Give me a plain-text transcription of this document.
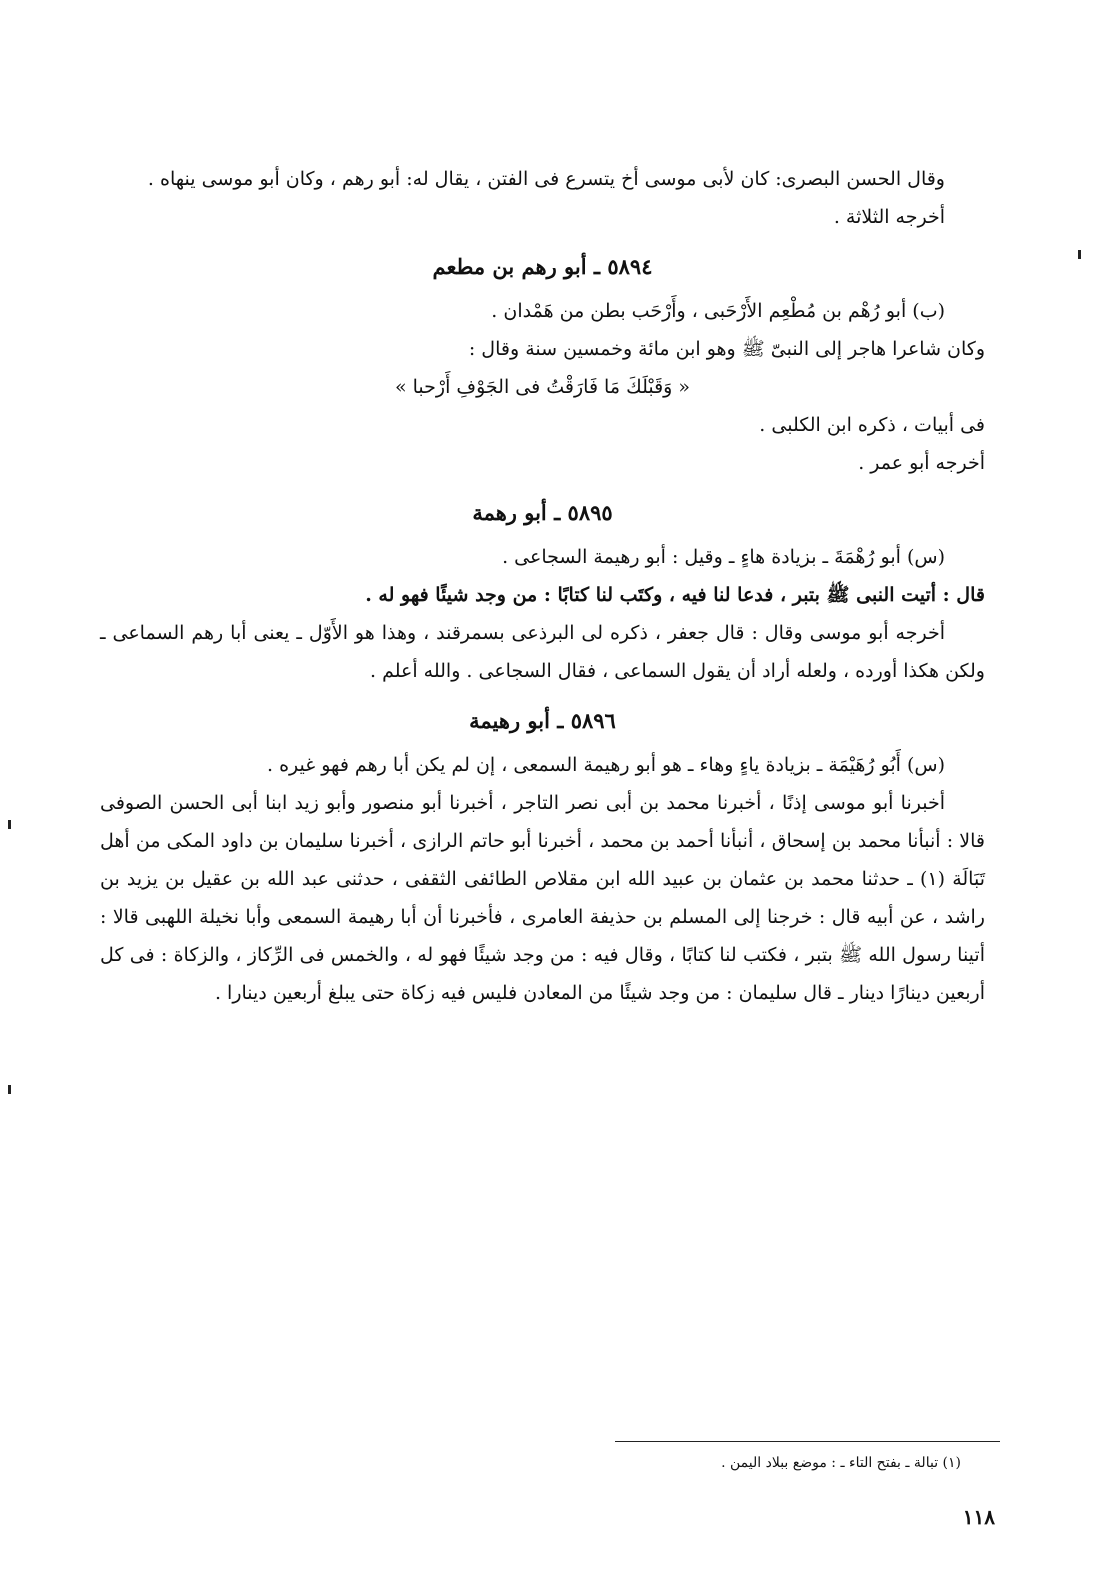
وقال الحسن البصرى: كان لأبى موسى أخ يتسرع فى الفتن ، يقال له: أبو رهم ، وكان أبو موسى ينهاه .

أخرجه الثلاثة .

٥٨٩٤ ـ أبو رهم بن مطعم

(ب) أبو رُهْم بن مُطْعِم الأَرْحَبى ، وأَرْحَب بطن من هَمْدان .

وكان شاعرا هاجر إلى النبىّ ﷺ وهو ابن مائة وخمسين سنة وقال :

« وَقَبْلَكَ مَا فَارَقْتُ فى الجَوْفِ أَرْحبا »

فى أبيات ، ذكره ابن الكلبى .

أخرجه أبو عمر .

٥٨٩٥ ـ أبو رهمة

(س) أبو رُهْمَةَ ـ بزيادة هاءٍ ـ وقيل : أبو رهيمة السجاعى .

قال : أتيت النبى ﷺ بتبر ، فدعا لنا فيه ، وكتَب لنا كتابًا : من وجد شيئًا فهو له .

أخرجه أبو موسى وقال : قال جعفر ، ذكره لى البرذعى بسمرقند ، وهذا هو الأَوّل ـ يعنى أبا رهم السماعى ـ ولكن هكذا أورده ، ولعله أراد أن يقول السماعى ، فقال السجاعى . والله أعلم .

٥٨٩٦ ـ أبو رهيمة

(س) أَبُو رُهَيْمَة ـ بزيادة ياءٍ وهاء ـ هو أبو رهيمة السمعى ، إن لم يكن أبا رهم فهو غيره .

أخبرنا أبو موسى إذنًا ، أخبرنا محمد بن أبى نصر التاجر ، أخبرنا أبو منصور وأبو زيد ابنا أبى الحسن الصوفى قالا : أنبأنا محمد بن إسحاق ، أنبأنا أحمد بن محمد ، أخبرنا أبو حاتم الرازى ، أخبرنا سليمان بن داود المكى من أهل تَبَالَة (١) ـ حدثنا محمد بن عثمان بن عبيد الله ابن مقلاص الطائفى الثقفى ، حدثنى عبد الله بن عقيل بن يزيد بن راشد ، عن أبيه قال : خرجنا إلى المسلم بن حذيفة العامرى ، فأخبرنا أن أبا رهيمة السمعى وأبا نخيلة اللهبى قالا : أتينا رسول الله ﷺ بتبر ، فكتب لنا كتابًا ، وقال فيه : من وجد شيئًا فهو له ، والخمس فى الرِّكاز ، والزكاة : فى كل أربعين دينارًا دينار ـ قال سليمان : من وجد شيئًا من المعادن فليس فيه زكاة حتى يبلغ أربعين دينارا .

(١) تبالة ـ بفتح التاء ـ : موضع ببلاد اليمن .
١١٨
